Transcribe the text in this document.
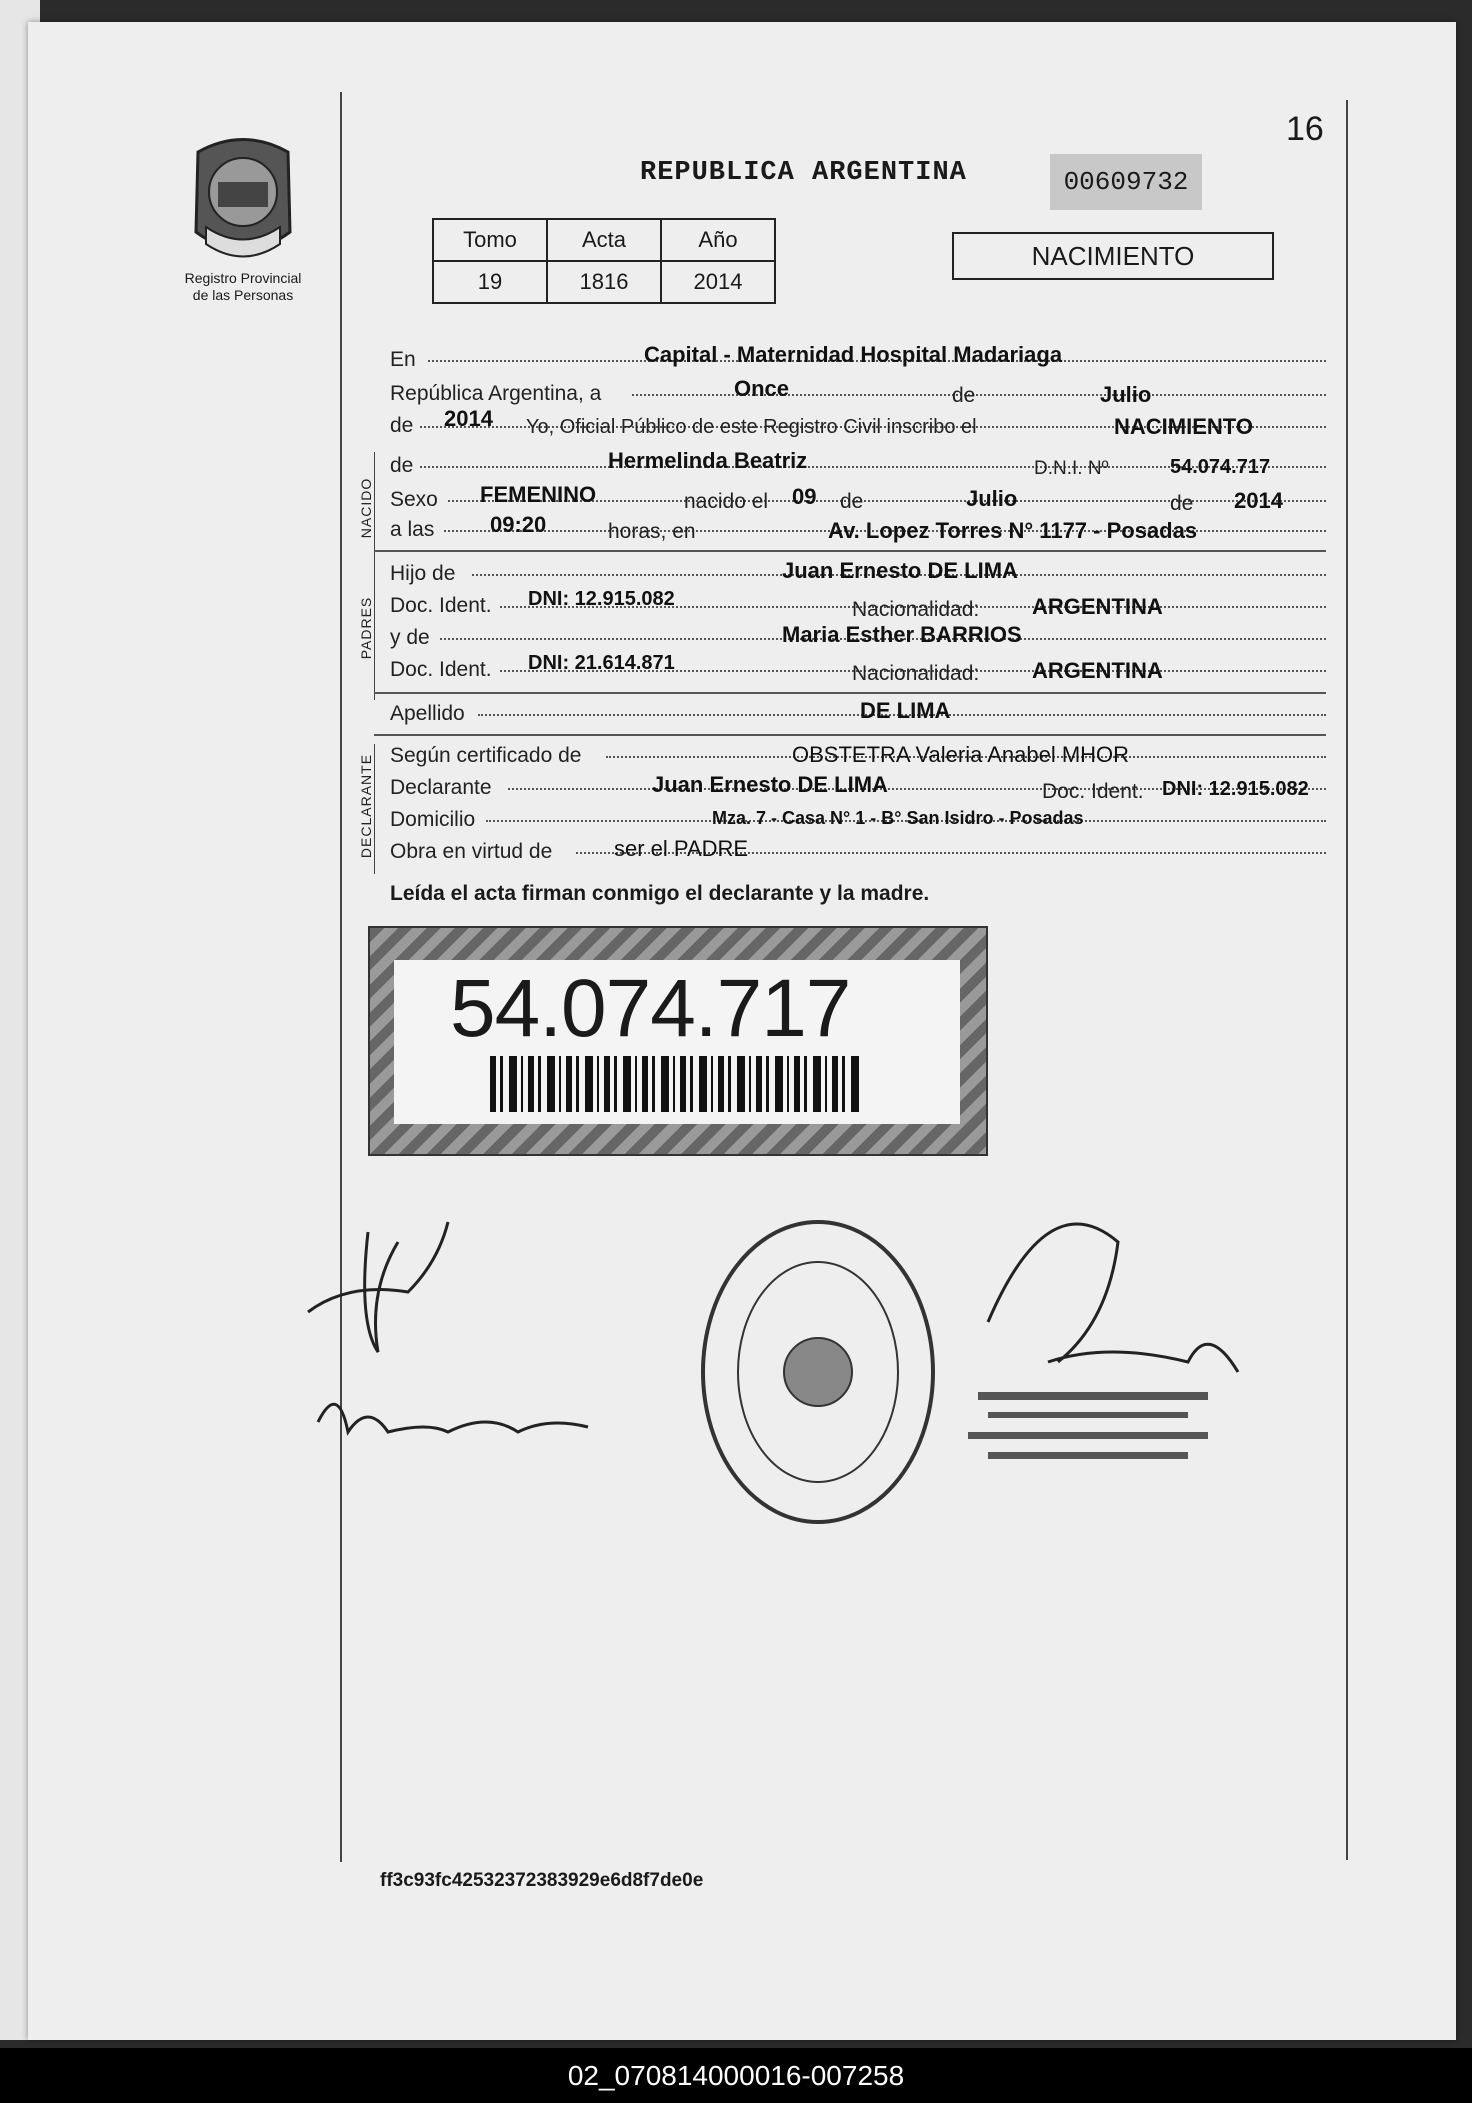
16
Registro Provincial
de las Personas
REPUBLICA ARGENTINA	00609732
Tomo	Acta	Año
19	1816	2014
NACIMIENTO
En	Capital - Maternidad Hospital Madariaga
República Argentina, a	Once	de	Julio
de 2014 Yo, Oficial Público de este Registro Civil inscribo el	NACIMIENTO
NACIDO
de	Hermelinda Beatriz	D.N.I. Nº	54.074.717
Sexo FEMENINO	nacido el 09 de	Julio	de 2014
a las	09:20	horas, en	Av. Lopez Torres N° 1177 - Posadas
PADRES
Hijo de	Juan Ernesto DE LIMA
Doc. Ident. DNI: 12.915.082	Nacionalidad: ARGENTINA
y de	Maria Esther BARRIOS
Doc. Ident. DNI: 21.614.871	Nacionalidad: ARGENTINA
Apellido	DE LIMA
DECLARANTE Según certificado de	OBSTETRA Valeria Anabel MHOR
Declarante	Juan Ernesto DE LIMA	Doc. Ident. DNI: 12.915.082
Domicilio	Mza. 7 - Casa N° 1 - B° San Isidro - Posadas
Obra en virtud de	ser el PADRE
Leída el acta firman conmigo el declarante y la madre.
54.074.717
ff3c93fc42532372383929e6d8f7de0e
02_070814000016-007258
